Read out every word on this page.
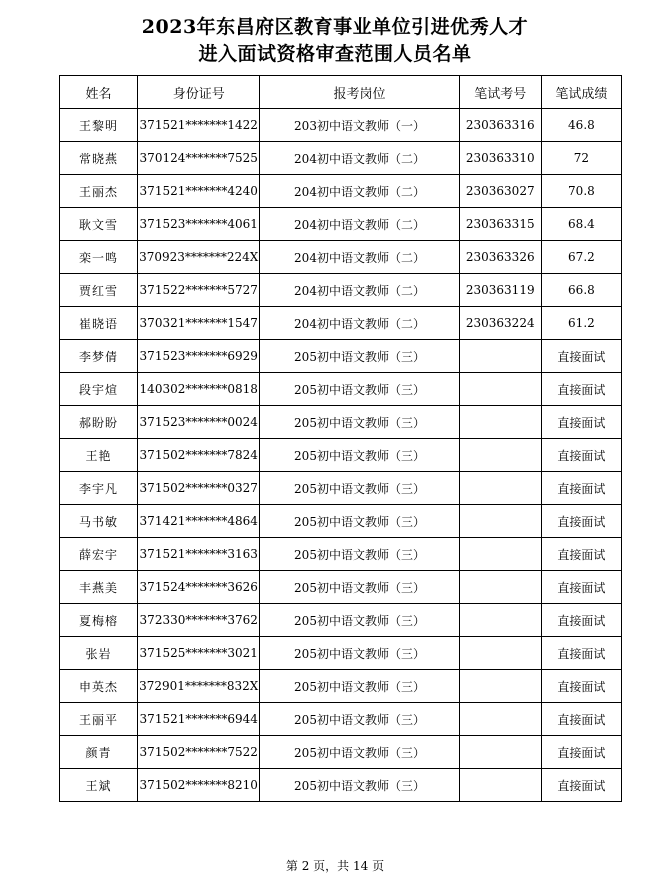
2023年东昌府区教育事业单位引进优秀人才
进入面试资格审查范围人员名单
姓名	身份证号	报考岗位	笔试考号	笔试成绩
王黎明	371521*******1422	203初中语文教师（一）	230363316	46.8
常晓燕	370124*******7525	204初中语文教师（二）	230363310	72
王丽杰	371521*******4240	204初中语文教师（二）	230363027	70.8
耿文雪	371523*******4061	204初中语文教师（二）	230363315	68.4
栾一鸣	370923*******224X	204初中语文教师（二）	230363326	67.2
贾红雪	371522*******5727	204初中语文教师（二）	230363119	66.8
崔晓语	370321*******1547	204初中语文教师（二）	230363224	61.2
李梦倩	371523*******6929	205初中语文教师（三）		直接面试
段宇煊	140302*******0818	205初中语文教师（三）		直接面试
郝盼盼	371523*******0024	205初中语文教师（三）		直接面试
王艳	371502*******7824	205初中语文教师（三）		直接面试
李宇凡	371502*******0327	205初中语文教师（三）		直接面试
马书敏	371421*******4864	205初中语文教师（三）		直接面试
薛宏宇	371521*******3163	205初中语文教师（三）		直接面试
丰燕美	371524*******3626	205初中语文教师（三）		直接面试
夏梅榕	372330*******3762	205初中语文教师（三）		直接面试
张岩	371525*******3021	205初中语文教师（三）		直接面试
申英杰	372901*******832X	205初中语文教师（三）		直接面试
王丽平	371521*******6944	205初中语文教师（三）		直接面试
颜青	371502*******7522	205初中语文教师（三）		直接面试
王斌	371502*******8210	205初中语文教师（三）		直接面试
第 2 页，共 14 页
